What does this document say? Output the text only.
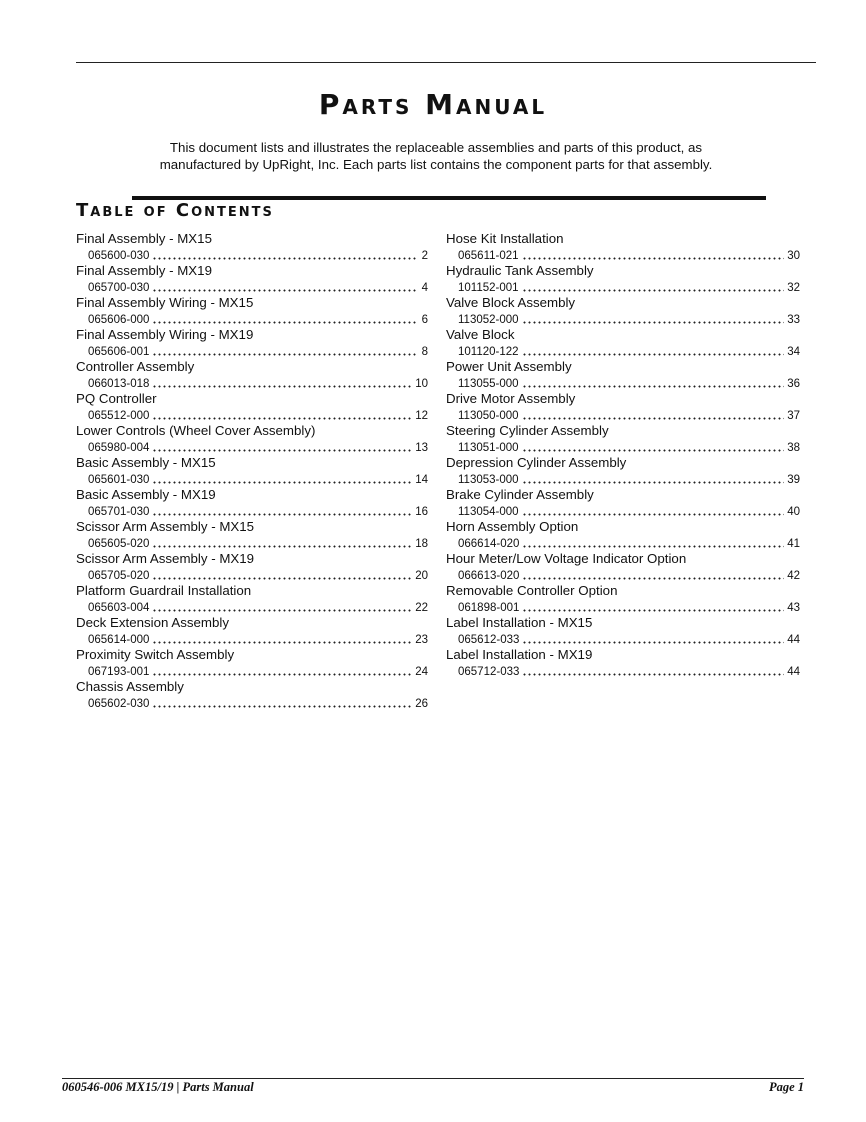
Parts Manual
This document lists and illustrates the replaceable assemblies and parts of this product, as
manufactured by UpRight, Inc. Each parts list contains the component parts for that assembly.
Table of Contents
Final Assembly - MX15
065600-030	2
Final Assembly - MX19
065700-030	4
Final Assembly Wiring - MX15
065606-000	6
Final Assembly Wiring - MX19
065606-001	8
Controller Assembly
066013-018	10
PQ Controller
065512-000	12
Lower Controls (Wheel Cover Assembly)
065980-004	13
Basic Assembly - MX15
065601-030	14
Basic Assembly - MX19
065701-030	16
Scissor Arm Assembly - MX15
065605-020	18
Scissor Arm Assembly - MX19
065705-020	20
Platform Guardrail Installation
065603-004	22
Deck Extension Assembly
065614-000	23
Proximity Switch Assembly
067193-001	24
Chassis Assembly
065602-030	26
Hose Kit Installation
065611-021	30
Hydraulic Tank Assembly
101152-001	32
Valve Block Assembly
113052-000	33
Valve Block
101120-122	34
Power Unit Assembly
113055-000	36
Drive Motor Assembly
113050-000	37
Steering Cylinder Assembly
113051-000	38
Depression Cylinder Assembly
113053-000	39
Brake Cylinder Assembly
113054-000	40
Horn Assembly Option
066614-020	41
Hour Meter/Low Voltage Indicator Option
066613-020	42
Removable Controller Option
061898-001	43
Label Installation - MX15
065612-033	44
Label Installation - MX19
065712-033	44
060546-006 MX15/19 | Parts Manual	Page 1
